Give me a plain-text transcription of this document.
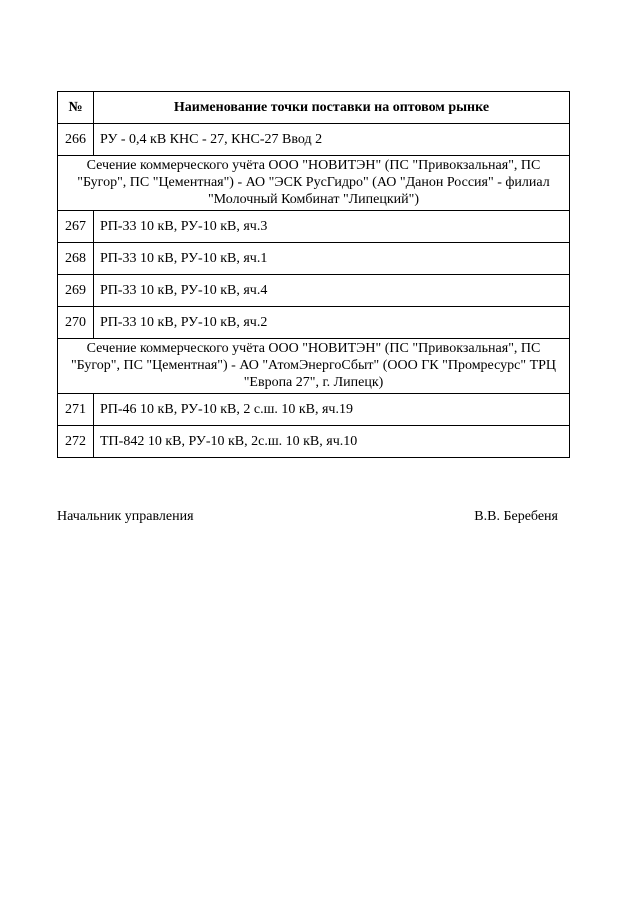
№	Наименование точки поставки на оптовом рынке
266	РУ - 0,4 кВ КНС - 27, КНС-27 Ввод 2
Сечение коммерческого учёта ООО "НОВИТЭН" (ПС "Привокзальная", ПС "Бугор", ПС "Цементная") - АО "ЭСК РусГидро" (АО "Данон Россия" - филиал "Молочный Комбинат "Липецкий")	
267	РП-33 10 кВ, РУ-10 кВ, яч.3
268	РП-33 10 кВ, РУ-10 кВ, яч.1
269	РП-33 10 кВ, РУ-10 кВ, яч.4
270	РП-33 10 кВ, РУ-10 кВ, яч.2
Сечение коммерческого учёта ООО "НОВИТЭН" (ПС "Привокзальная", ПС "Бугор", ПС "Цементная") - АО "АтомЭнергоСбыт" (ООО ГК "Промресурс" ТРЦ "Европа 27", г. Липецк)	
271	РП-46 10 кВ, РУ-10 кВ, 2 с.ш. 10 кВ, яч.19
272	ТП-842 10 кВ, РУ-10 кВ, 2с.ш. 10 кВ, яч.10
Начальник управления	В.В. Беребеня
